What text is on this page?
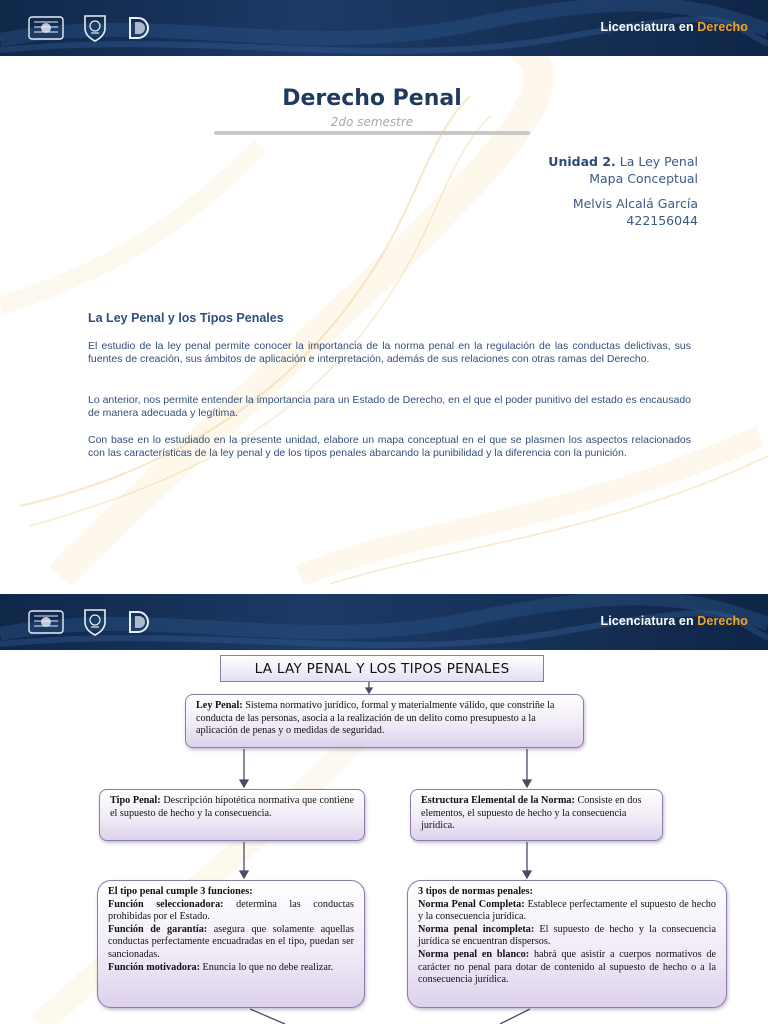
Licenciatura en Derecho
Derecho Penal
2do semestre
Unidad 2. La Ley Penal
Mapa Conceptual
Melvis Alcalá García
422156044
La Ley Penal y los Tipos Penales

El estudio de la ley penal permite conocer la importancia de la norma penal en la regulación de las conductas delictivas, sus fuentes de creación, sus ámbitos de aplicación e interpretación, además de sus relaciones con otras ramas del Derecho.

Lo anterior, nos permite entender la importancia para un Estado de Derecho, en el que el poder punitivo del estado es encausado de manera adecuada y legítima.

Con base en lo estudiado en la presente unidad, elabore un mapa conceptual en el que se plasmen los aspectos relacionados con las características de la ley penal y de los tipos penales abarcando la punibilidad y la diferencia con la punición.

Licenciatura en Derecho
LA LAY PENAL Y LOS TIPOS PENALES

Ley Penal: Sistema normativo jurídico, formal y materialmente válido, que constriñe la conducta de las personas, asocia a la realización de un delito como presupuesto a la aplicación de penas y o medidas de seguridad.

Tipo Penal: Descripción hipotética normativa que contiene el supuesto de hecho y la consecuencia.

Estructura Elemental de la Norma: Consiste en dos elementos, el supuesto de hecho y la consecuencia jurídica.

El tipo penal cumple 3 funciones:

Función seleccionadora: determina las conductas prohibidas por el Estado.

Función de garantía: asegura que solamente aquellas conductas perfectamente encuadradas en el tipo, puedan ser sancionadas.

Función motivadora: Enuncia lo que no debe realizar.

3 tipos de normas penales:

Norma Penal Completa: Establece perfectamente el supuesto de hecho y la consecuencia jurídica.

Norma penal incompleta: El supuesto de hecho y la consecuencia jurídica se encuentran dispersos.

Norma penal en blanco: habrá que asistir a cuerpos normativos de carácter no penal para dotar de contenido al supuesto de hecho o a la consecuencia jurídica.
